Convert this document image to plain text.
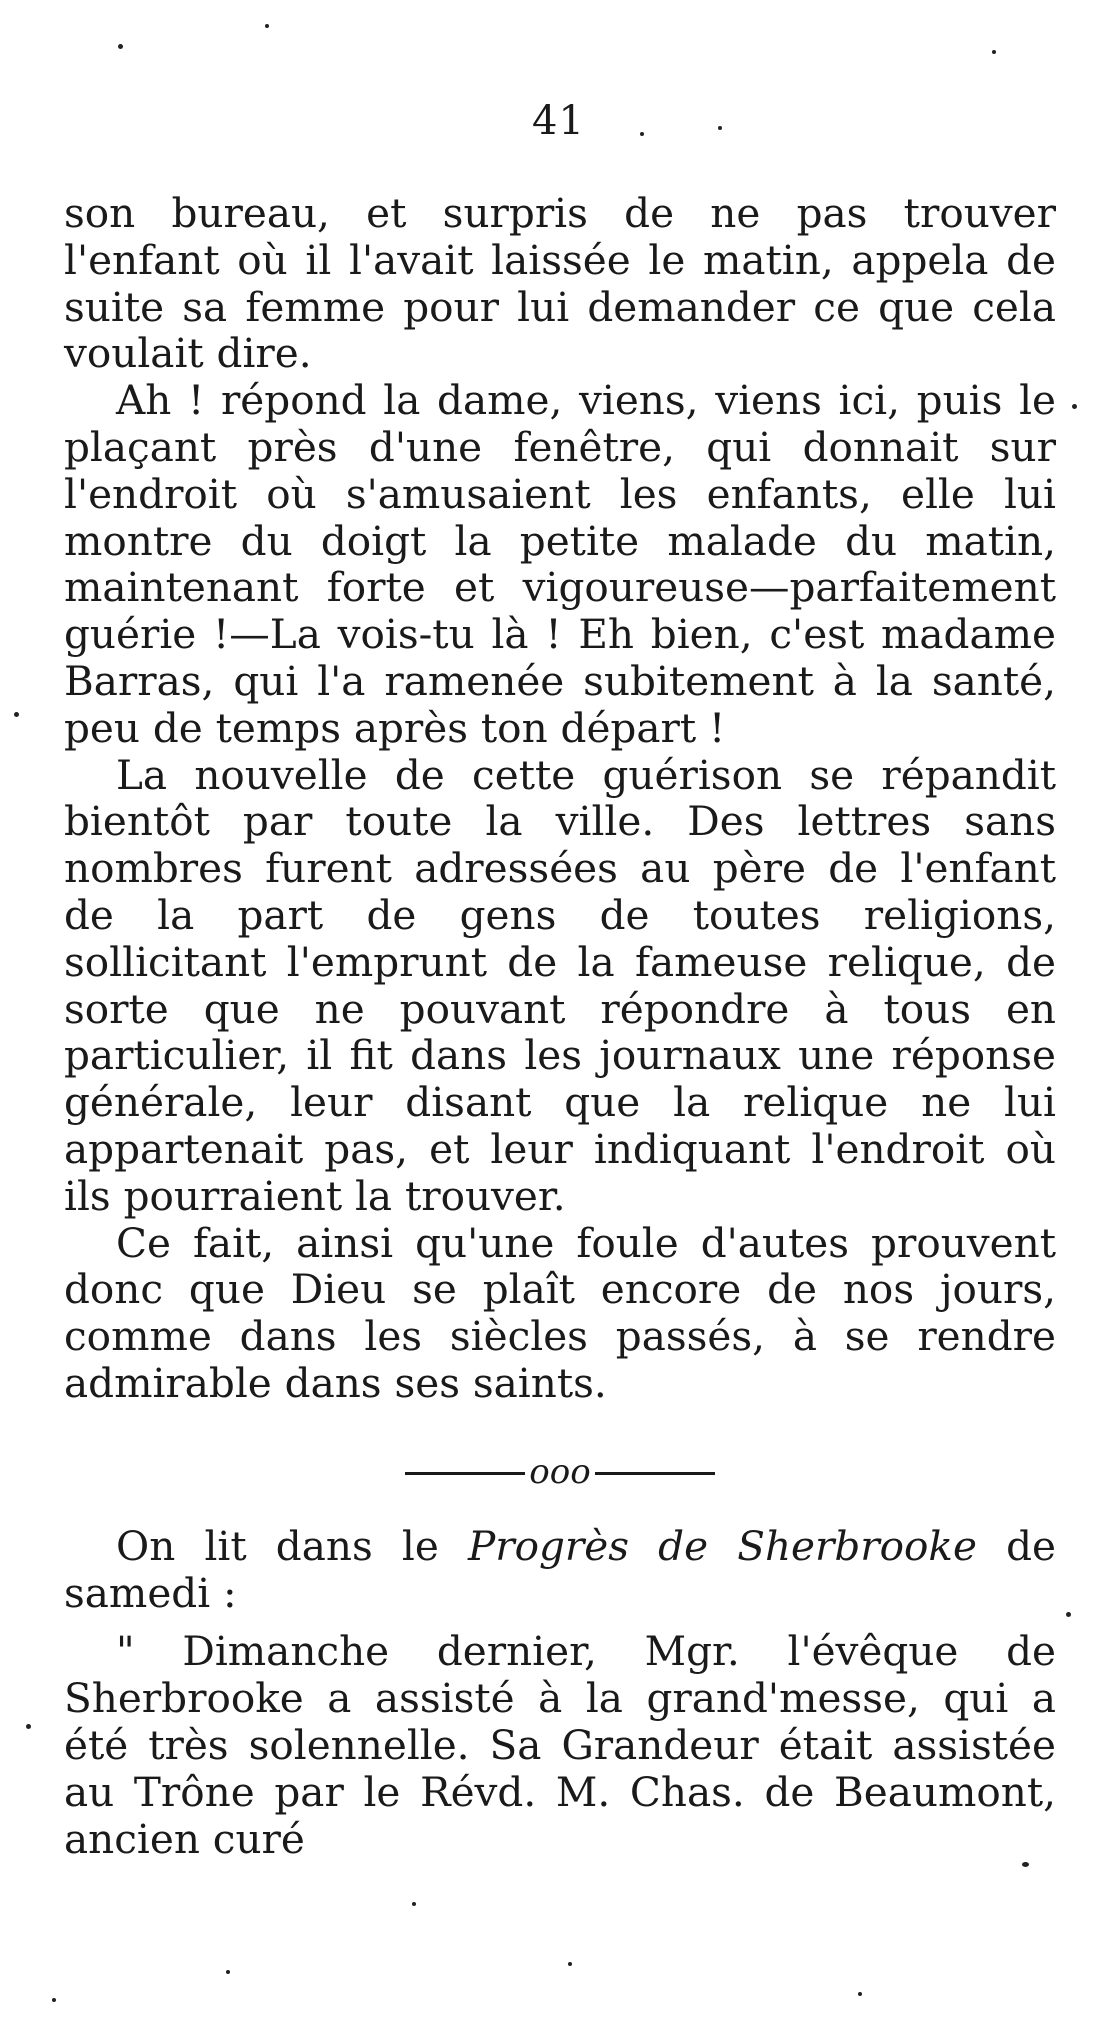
41

son bureau, et surpris de ne pas trouver l'enfant où il l'avait laissée le matin, appela de suite sa femme pour lui demander ce que cela voulait dire.

Ah ! répond la dame, viens, viens ici, puis le plaçant près d'une fenêtre, qui donnait sur l'endroit où s'amusaient les enfants, elle lui montre du doigt la petite malade du matin, maintenant forte et vigoureuse—parfaitement guérie !—La vois-tu là ! Eh bien, c'est madame Barras, qui l'a ramenée subitement à la santé, peu de temps après ton départ !

La nouvelle de cette guérison se répandit bientôt par toute la ville. Des lettres sans nombres furent adressées au père de l'enfant de la part de gens de toutes religions, sollicitant l'emprunt de la fameuse relique, de sorte que ne pouvant répondre à tous en particulier, il fit dans les journaux une réponse générale, leur disant que la relique ne lui appartenait pas, et leur indiquant l'endroit où ils pourraient la trouver.

Ce fait, ainsi qu'une foule d'autes prouvent donc que Dieu se plaît encore de nos jours, comme dans les siècles passés, à se rendre admirable dans ses saints.

ooo

On lit dans le Progrès de Sherbrooke de samedi :

" Dimanche dernier, Mgr. l'évêque de Sherbrooke a assisté à la grand'messe, qui a été très solennelle. Sa Grandeur était assistée au Trône par le Révd. M. Chas. de Beaumont, ancien curé
